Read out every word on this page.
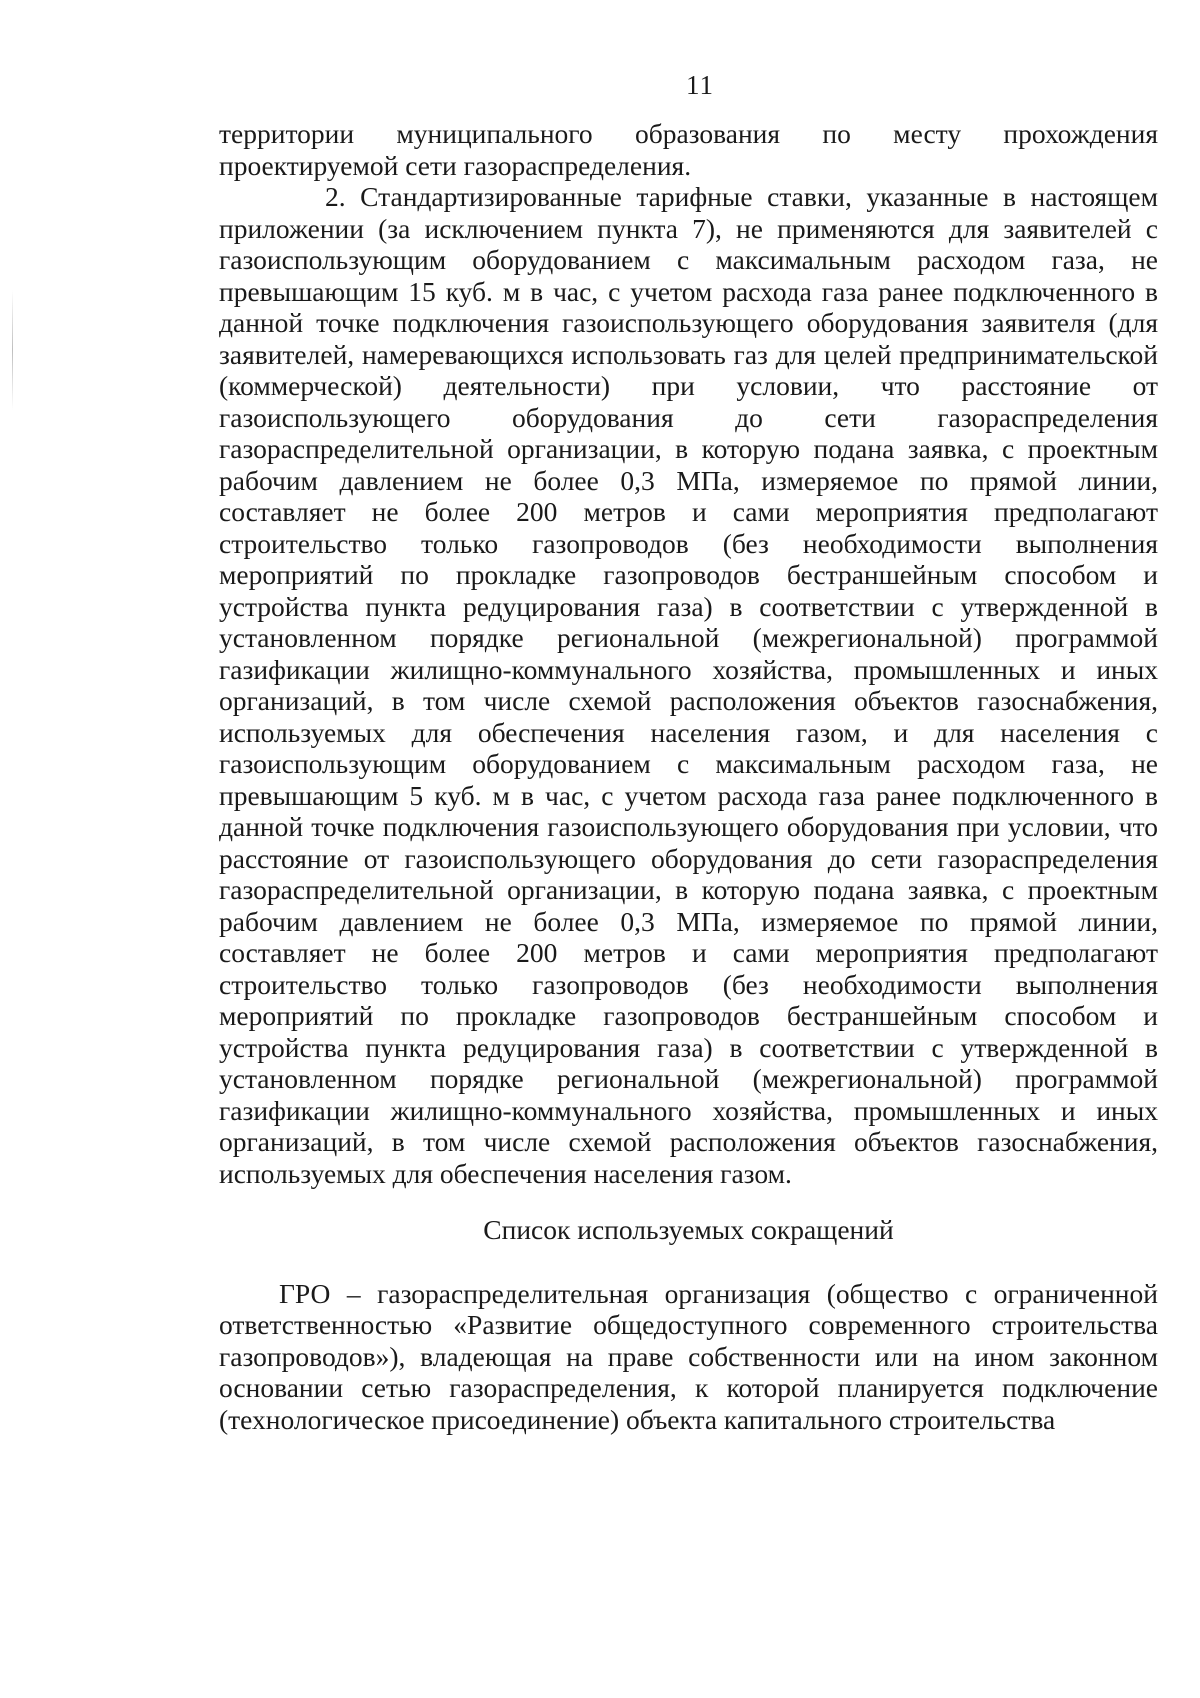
11

территории муниципального образования по месту прохождения проектируемой сети газораспределения.

2. Стандартизированные тарифные ставки, указанные в настоящем приложении (за исключением пункта 7), не применяются для заявителей с газоиспользующим оборудованием с максимальным расходом газа, не превышающим 15 куб. м в час, с учетом расхода газа ранее подключенного в данной точке подключения газоиспользующего оборудования заявителя (для заявителей, намеревающихся использовать газ для целей предпринимательской (коммерческой) деятельности) при условии, что расстояние от газоиспользующего оборудования до сети газораспределения газораспределительной организации, в которую подана заявка, с проектным рабочим давлением не более 0,3 МПа, измеряемое по прямой линии, составляет не более 200 метров и сами мероприятия предполагают строительство только газопроводов (без необходимости выполнения мероприятий по прокладке газопроводов бестраншейным способом и устройства пункта редуцирования газа) в соответствии с утвержденной в установленном порядке региональной (межрегиональной) программой газификации жилищно-коммунального хозяйства, промышленных и иных организаций, в том числе схемой расположения объектов газоснабжения, используемых для обеспечения населения газом, и для населения с газоиспользующим оборудованием с максимальным расходом газа, не превышающим 5 куб. м в час, с учетом расхода газа ранее подключенного в данной точке подключения газоиспользующего оборудования при условии, что расстояние от газоиспользующего оборудования до сети газораспределения газораспределительной организации, в которую подана заявка, с проектным рабочим давлением не более 0,3 МПа, измеряемое по прямой линии, составляет не более 200 метров и сами мероприятия предполагают строительство только газопроводов (без необходимости выполнения мероприятий по прокладке газопроводов бестраншейным способом и устройства пункта редуцирования газа) в соответствии с утвержденной в установленном порядке региональной (межрегиональной) программой газификации жилищно-коммунального хозяйства, промышленных и иных организаций, в том числе схемой расположения объектов газоснабжения, используемых для обеспечения населения газом.

Список используемых сокращений

ГРО – газораспределительная организация (общество с ограниченной ответственностью «Развитие общедоступного современного строительства газопроводов»), владеющая на праве собственности или на ином законном основании сетью газораспределения, к которой планируется подключение (технологическое присоединение) объекта капитального строительства
